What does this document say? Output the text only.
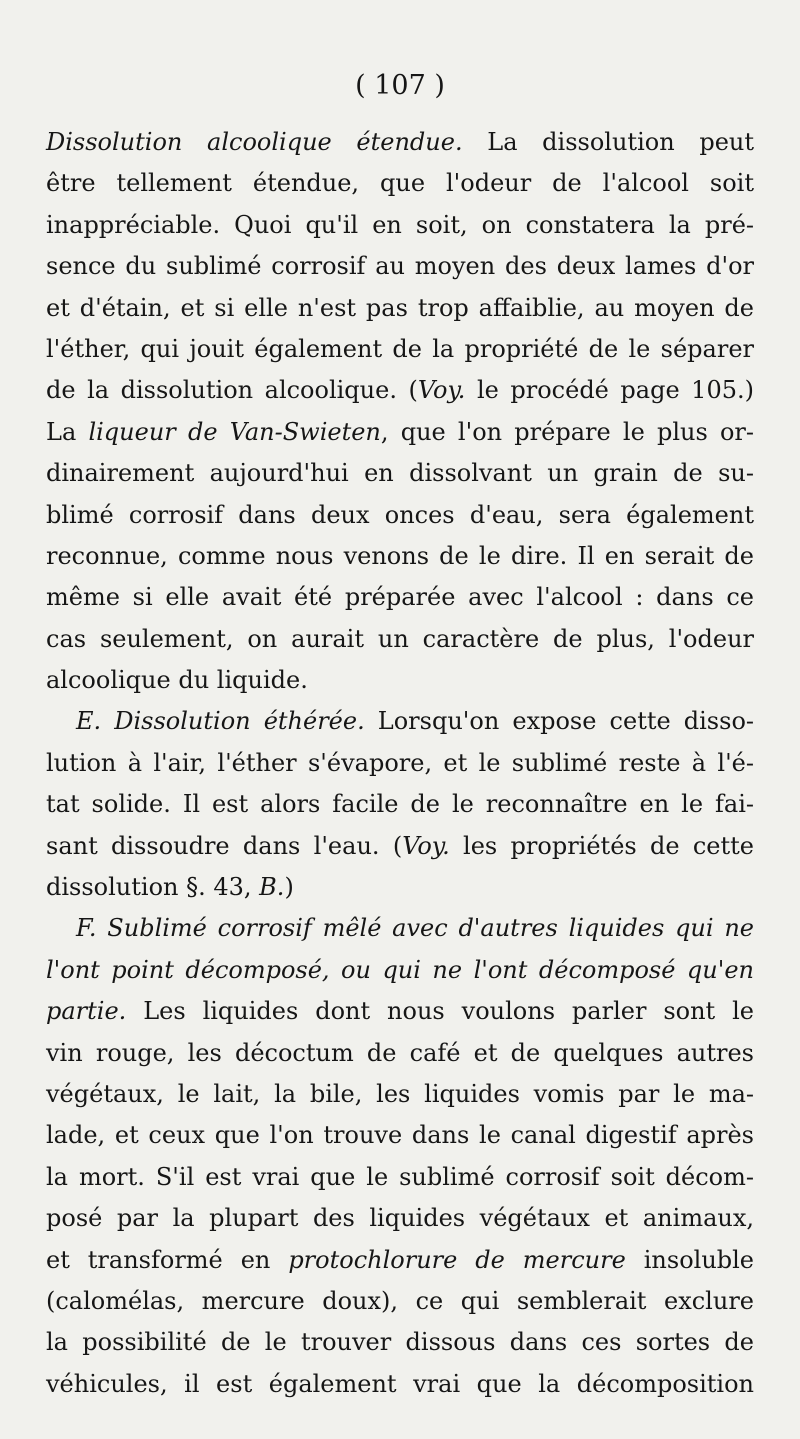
( 107 )
Dissolution alcoolique étendue. La dissolution peut
être tellement étendue, que l'odeur de l'alcool soit
inappréciable. Quoi qu'il en soit, on constatera la pré-
sence du sublimé corrosif au moyen des deux lames d'or
et d'étain, et si elle n'est pas trop affaiblie, au moyen de
l'éther, qui jouit également de la propriété de le séparer
de la dissolution alcoolique. (Voy. le procédé page 105.)
La liqueur de Van-Swieten, que l'on prépare le plus or-
dinairement aujourd'hui en dissolvant un grain de su-
blimé corrosif dans deux onces d'eau, sera également
reconnue, comme nous venons de le dire. Il en serait de
même si elle avait été préparée avec l'alcool : dans ce
cas seulement, on aurait un caractère de plus, l'odeur
alcoolique du liquide.
E. Dissolution éthérée. Lorsqu'on expose cette disso-
lution à l'air, l'éther s'évapore, et le sublimé reste à l'é-
tat solide. Il est alors facile de le reconnaître en le fai-
sant dissoudre dans l'eau. (Voy. les propriétés de cette
dissolution §. 43, B.)
F. Sublimé corrosif mêlé avec d'autres liquides qui ne
l'ont point décomposé, ou qui ne l'ont décomposé qu'en
partie. Les liquides dont nous voulons parler sont le
vin rouge, les décoctum de café et de quelques autres
végétaux, le lait, la bile, les liquides vomis par le ma-
lade, et ceux que l'on trouve dans le canal digestif après
la mort. S'il est vrai que le sublimé corrosif soit décom-
posé par la plupart des liquides végétaux et animaux,
et transformé en protochlorure de mercure insoluble
(calomélas, mercure doux), ce qui semblerait exclure
la possibilité de le trouver dissous dans ces sortes de
véhicules, il est également vrai que la décomposition
